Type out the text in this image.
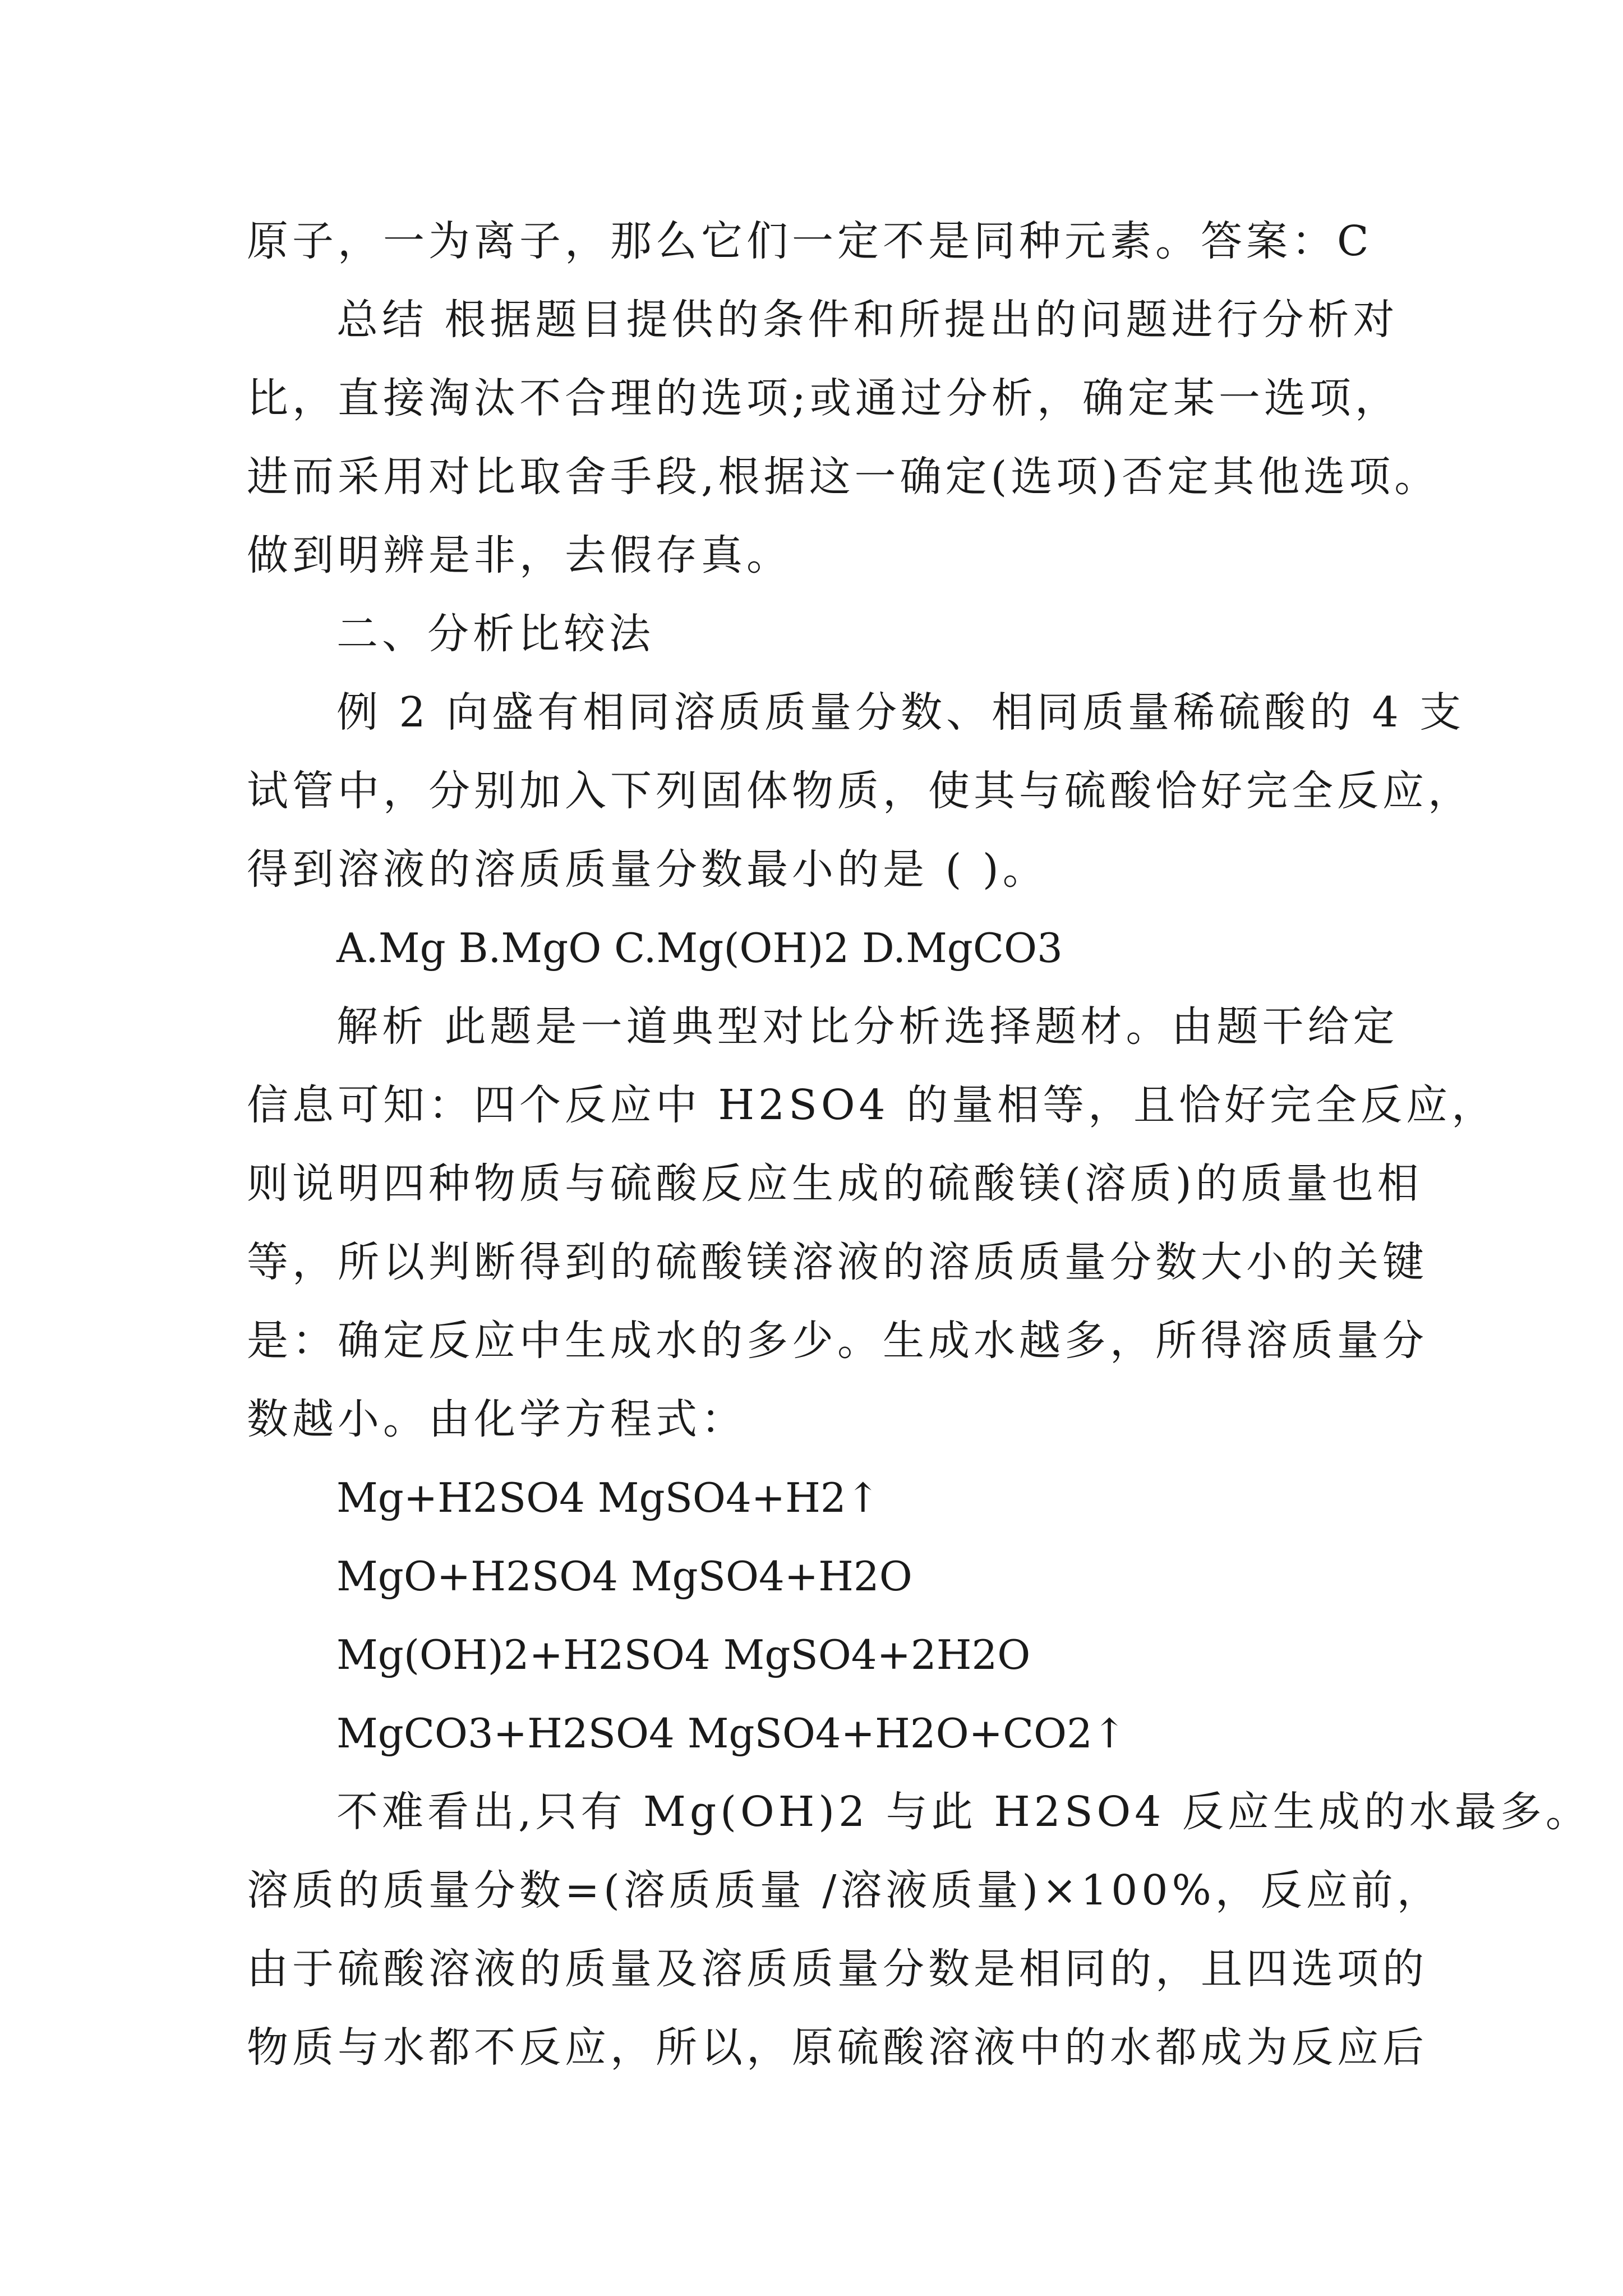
原子，一为离子，那么它们一定不是同种元素。答案：C
总结 根据题目提供的条件和所提出的问题进行分析对
比，直接淘汰不合理的选项;或通过分析，确定某一选项，
进而采用对比取舍手段,根据这一确定(选项)否定其他选项。
做到明辨是非，去假存真。
二、分析比较法
例 2 向盛有相同溶质质量分数、相同质量稀硫酸的 4 支
试管中，分别加入下列固体物质，使其与硫酸恰好完全反应，
得到溶液的溶质质量分数最小的是 ( )。
A.Mg B.MgO C.Mg(OH)2 D.MgCO3
解析 此题是一道典型对比分析选择题材。由题干给定
信息可知：四个反应中 H2SO4 的量相等，且恰好完全反应，
则说明四种物质与硫酸反应生成的硫酸镁(溶质)的质量也相
等，所以判断得到的硫酸镁溶液的溶质质量分数大小的关键
是：确定反应中生成水的多少。生成水越多，所得溶质量分
数越小。由化学方程式：
Mg+H2SO4 MgSO4+H2↑
MgO+H2SO4 MgSO4+H2O
Mg(OH)2+H2SO4 MgSO4+2H2O
MgCO3+H2SO4 MgSO4+H2O+CO2↑
不难看出,只有 Mg(OH)2 与此 H2SO4 反应生成的水最多。
溶质的质量分数=(溶质质量 /溶液质量)×100%，反应前，
由于硫酸溶液的质量及溶质质量分数是相同的，且四选项的
物质与水都不反应，所以，原硫酸溶液中的水都成为反应后
